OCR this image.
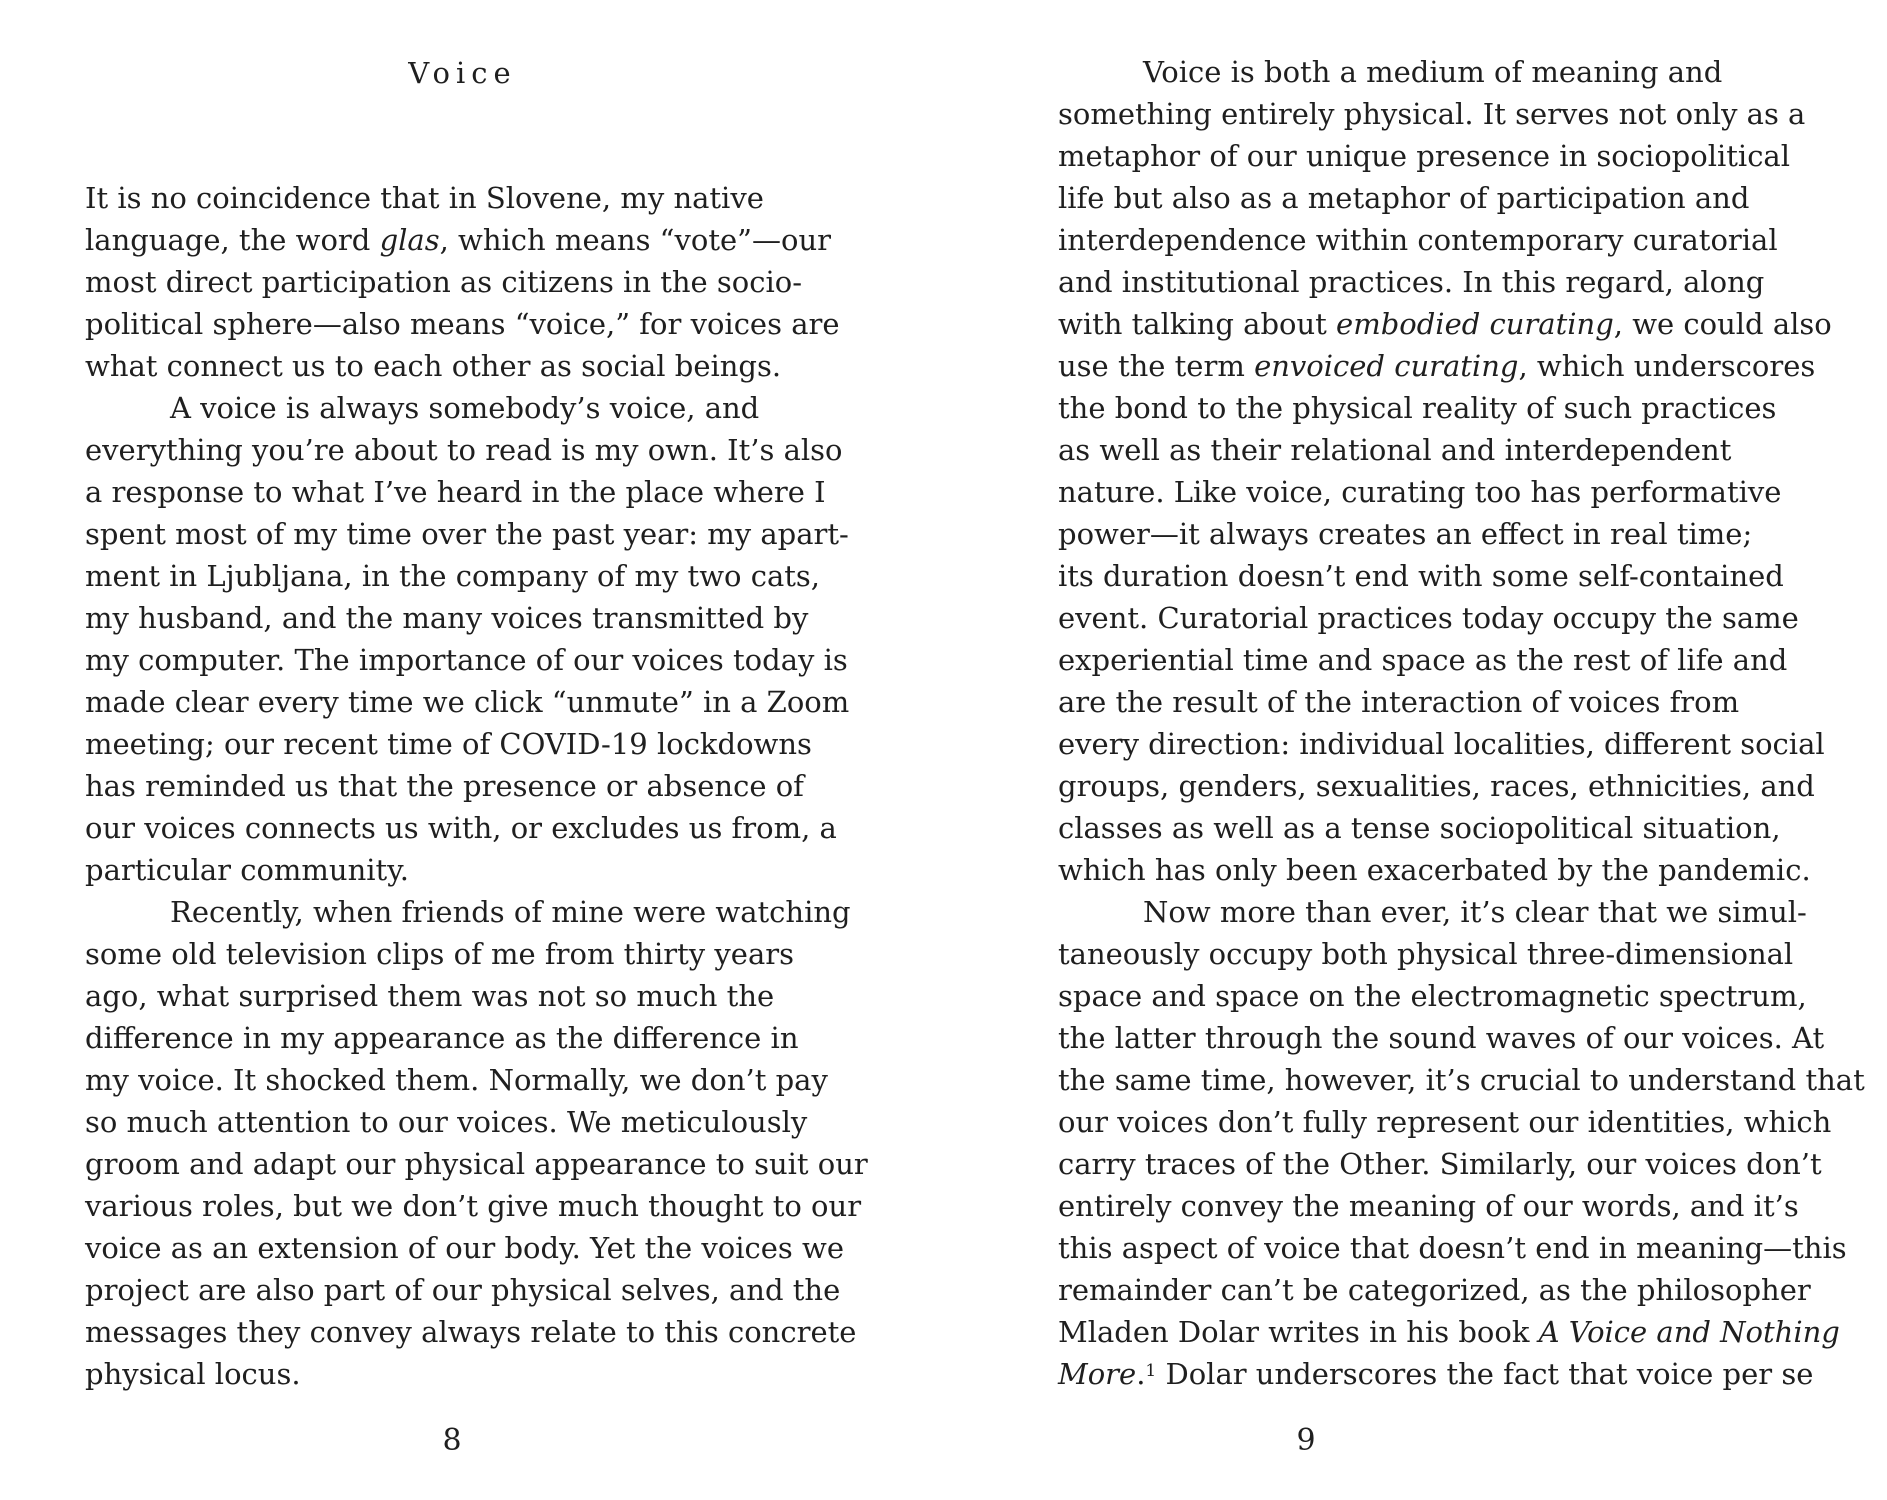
Voice

It is no coincidence that in Slovene, my native
language, the word glas, which means “vote”—our
most direct participation as citizens in the socio-
political sphere—also means “voice,” for voices are
what connect us to each other as social beings.
A voice is always somebody’s voice, and
everything you’re about to read is my own. It’s also
a response to what I’ve heard in the place where I
spent most of my time over the past year: my apart-
ment in Ljubljana, in the company of my two cats,
my husband, and the many voices transmitted by
my computer. The importance of our voices today is
made clear every time we click “unmute” in a Zoom
meeting; our recent time of COVID-19 lockdowns
has reminded us that the presence or absence of
our voices connects us with, or excludes us from, a
particular community.
Recently, when friends of mine were watching
some old television clips of me from thirty years
ago, what surprised them was not so much the
difference in my appearance as the difference in
my voice. It shocked them. Normally, we don’t pay
so much attention to our voices. We meticulously
groom and adapt our physical appearance to suit our
various roles, but we don’t give much thought to our
voice as an extension of our body. Yet the voices we
project are also part of our physical selves, and the
messages they convey always relate to this concrete
physical locus.

8

Voice is both a medium of meaning and
something entirely physical. It serves not only as a
metaphor of our unique presence in sociopolitical
life but also as a metaphor of participation and
interdependence within contemporary curatorial
and institutional practices. In this regard, along
with talking about embodied curating, we could also
use the term envoiced curating, which underscores
the bond to the physical reality of such practices
as well as their relational and interdependent
nature. Like voice, curating too has performative
power—it always creates an effect in real time;
its duration doesn’t end with some self-contained
event. Curatorial practices today occupy the same
experiential time and space as the rest of life and
are the result of the interaction of voices from
every direction: individual localities, different social
groups, genders, sexualities, races, ethnicities, and
classes as well as a tense sociopolitical situation,
which has only been exacerbated by the pandemic.
Now more than ever, it’s clear that we simul-
taneously occupy both physical three-dimensional
space and space on the electromagnetic spectrum,
the latter through the sound waves of our voices. At
the same time, however, it’s crucial to understand that
our voices don’t fully represent our identities, which
carry traces of the Other. Similarly, our voices don’t
entirely convey the meaning of our words, and it’s
this aspect of voice that doesn’t end in meaning—this
remainder can’t be categorized, as the philosopher
Mladen Dolar writes in his book A Voice and Nothing
More.$^1$ Dolar underscores the fact that voice per se

9
